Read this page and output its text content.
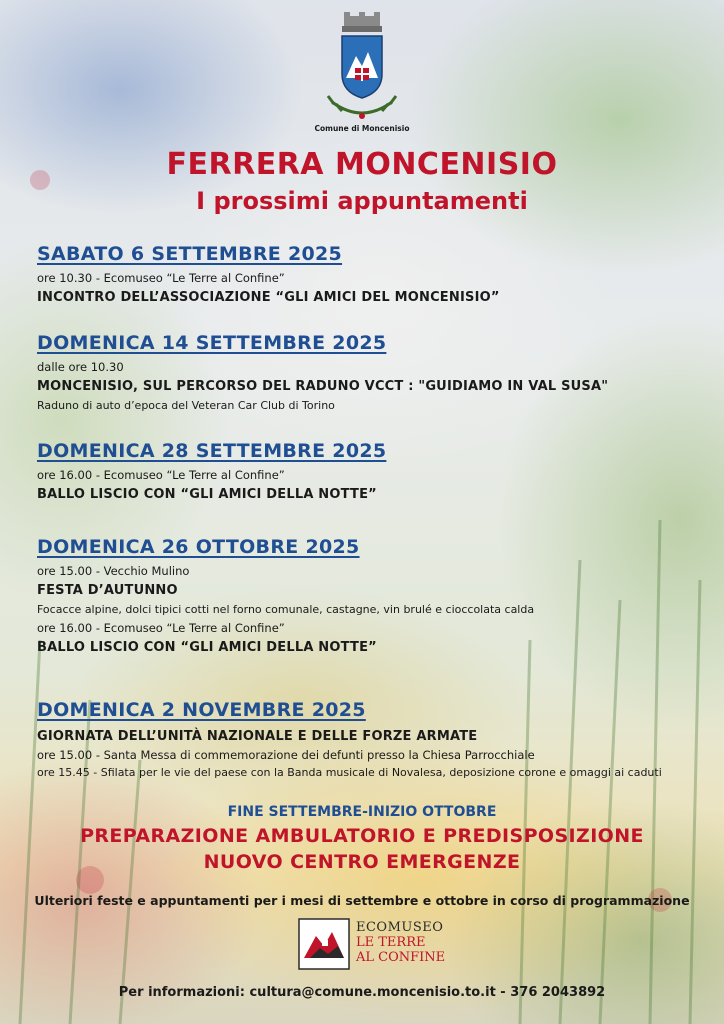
Comune di Moncenisio
FERRERA MONCENISIO
I prossimi appuntamenti
SABATO 6 SETTEMBRE 2025
ore 10.30 - Ecomuseo “Le Terre al Confine”
INCONTRO DELL’ASSOCIAZIONE “GLI AMICI DEL MONCENISIO”
DOMENICA 14 SETTEMBRE 2025
dalle ore 10.30
MONCENISIO, SUL PERCORSO DEL RADUNO VCCT : "GUIDIAMO IN VAL SUSA"
Raduno di auto d’epoca del Veteran Car Club di Torino
DOMENICA 28 SETTEMBRE 2025
ore 16.00 - Ecomuseo “Le Terre al Confine”
BALLO LISCIO CON “GLI AMICI DELLA NOTTE”
DOMENICA 26 OTTOBRE 2025
ore 15.00 - Vecchio Mulino
FESTA D’AUTUNNO
Focacce alpine, dolci tipici cotti nel forno comunale, castagne, vin brulé e cioccolata calda
ore 16.00 - Ecomuseo “Le Terre al Confine”
BALLO LISCIO CON “GLI AMICI DELLA NOTTE”
DOMENICA 2 NOVEMBRE 2025
GIORNATA DELL’UNITÀ NAZIONALE E DELLE FORZE ARMATE
ore 15.00 - Santa Messa di commemorazione dei defunti presso la Chiesa Parrocchiale
ore 15.45 - Sfilata per le vie del paese con la Banda musicale di Novalesa, deposizione corone e omaggi ai caduti
FINE SETTEMBRE-INIZIO OTTOBRE
PREPARAZIONE AMBULATORIO E PREDISPOSIZIONE
NUOVO CENTRO EMERGENZE
Ulteriori feste e appuntamenti per i mesi di settembre e ottobre in corso di programmazione
ECOMUSEO
LE TERRE
AL CONFINE
Per informazioni: cultura@comune.moncenisio.to.it - 376 2043892
